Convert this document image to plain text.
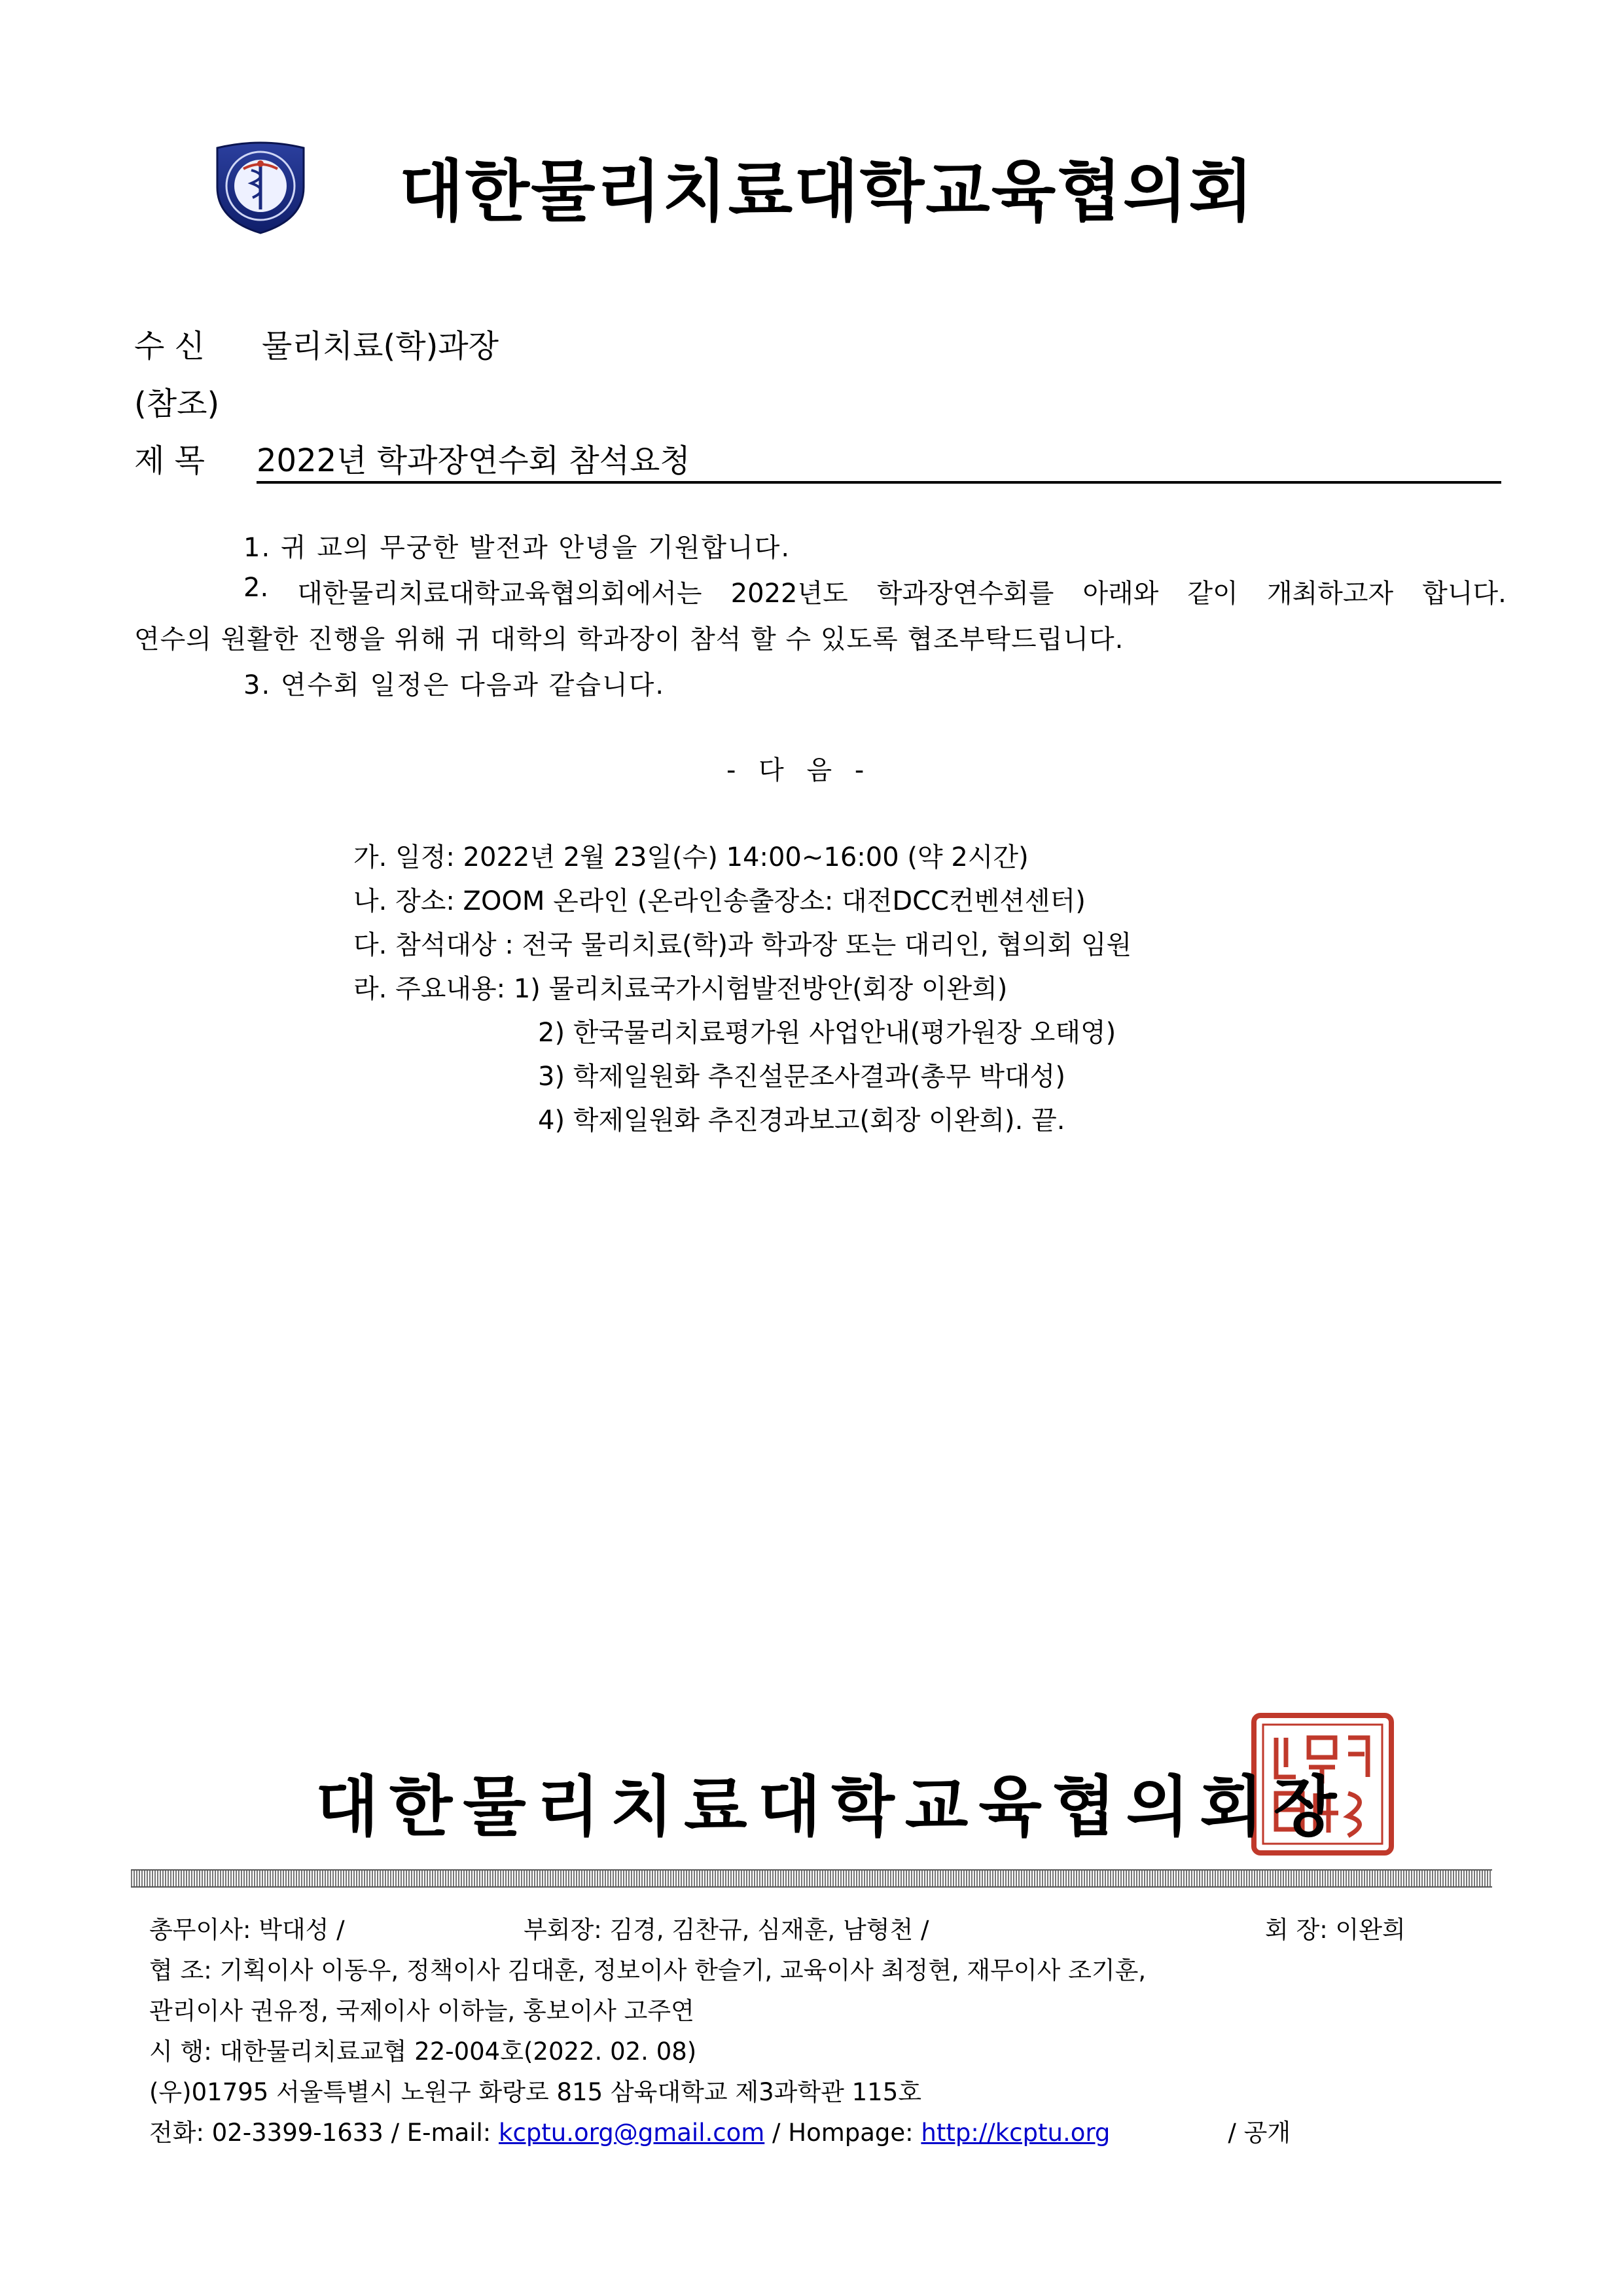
대한물리치료대학교육협의회
수 신 물리치료(학)과장
(참조)
제 목 2022년 학과장연수회 참석요청
1. 귀 교의 무궁한 발전과 안녕을 기원합니다.
2. 대한물리치료대학교육협의회에서는 2022년도 학과장연수회를 아래와 같이 개최하고자 합니다.
연수의 원활한 진행을 위해 귀 대학의 학과장이 참석 할 수 있도록 협조부탁드립니다.
3. 연수회 일정은 다음과 같습니다.
- 다 음 -
가. 일정: 2022년 2월 23일(수) 14:00~16:00 (약 2시간)
나. 장소: ZOOM 온라인 (온라인송출장소: 대전DCC컨벤션센터)
다. 참석대상 : 전국 물리치료(학)과 학과장 또는 대리인, 협의회 임원
라. 주요내용: 1) 물리치료국가시험발전방안(회장 이완희)
2) 한국물리치료평가원 사업안내(평가원장 오태영)
3) 학제일원화 추진설문조사결과(총무 박대성)
4) 학제일원화 추진경과보고(회장 이완희). 끝.
대한물리치료대학교육협의회장
총무이사: 박대성 /	부회장: 김경, 김찬규, 심재훈, 남형천 /	회 장: 이완희
협 조: 기획이사 이동우, 정책이사 김대훈, 정보이사 한슬기, 교육이사 최정현, 재무이사 조기훈,
관리이사 권유정, 국제이사 이하늘, 홍보이사 고주연
시 행: 대한물리치료교협 22-004호(2022. 02. 08)
(우)01795 서울특별시 노원구 화랑로 815 삼육대학교 제3과학관 115호
전화: 02-3399-1633 / E-mail: kcptu.org@gmail.com / Hompage: http://kcptu.org	/ 공개
